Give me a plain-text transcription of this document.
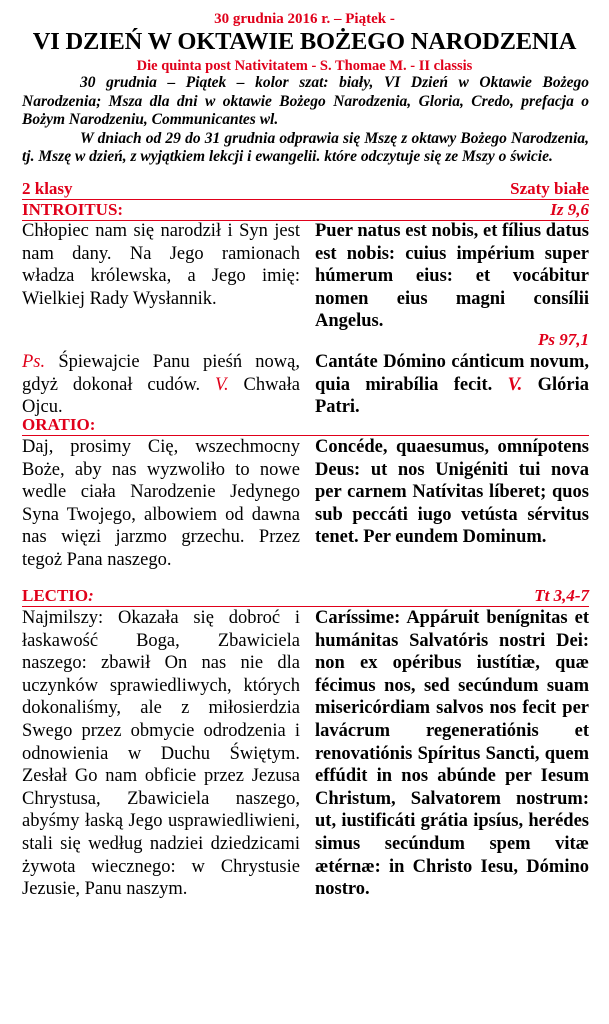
30 grudnia 2016 r. – Piątek -
VI DZIEŃ W OKTAWIE BOŻEGO NARODZENIA
Die quinta post Nativitatem - S. Thomae M. - II classis

30 grudnia – Piątek – kolor szat: biały, VI Dzień w Oktawie Bożego Narodzenia; Msza dla dni w oktawie Bożego Narodzenia, Gloria, Credo, prefacja o Bożym Narodzeniu, Communicantes wl.

W dniach od 29 do 31 grudnia odprawia się Mszę z oktawy Bożego Narodzenia, tj. Mszę w dzień, z wyjątkiem lekcji i ewangelii. które odczytuje się ze Mszy o świcie.

2 klasy	Szaty białe
INTROITUS:	Iz 9,6
Chłopiec nam się narodził i Syn jest nam dany. Na Jego ramionach władza królewska, a Jego imię: Wielkiej Rady Wysłannik.
Puer natus est nobis, et fílius datus est nobis: cuius impérium super húmerum eius: et vocábitur nomen eius magni consílii Angelus.
Ps 97,1
Ps. Śpiewajcie Panu pieśń nową, gdyż dokonał cudów. V. Chwała Ojcu.
Cantáte Dómino cánticum novum, quia mirabília fecit. V. Glória Patri.
ORATIO:
Daj, prosimy Cię, wszechmocny Boże, aby nas wyzwoliło to nowe wedle ciała Narodzenie Jedynego Syna Twojego, albowiem od dawna nas więzi jarzmo grzechu. Przez tegoż Pana naszego.
Concéde, quaesumus, omnípotens Deus: ut nos Unigéniti tui nova per carnem Natívitas líberet; quos sub peccáti iugo vetústa sérvitus tenet. Per eundem Dominum.
LECTIO:	Tt 3,4-7
Najmilszy: Okazała się dobroć i łaskawość Boga, Zbawiciela naszego: zbawił On nas nie dla uczynków sprawiedliwych, których dokonaliśmy, ale z miłosierdzia Swego przez obmycie odrodzenia i odnowienia w Duchu Świętym. Zesłał Go nam obficie przez Jezusa Chrystusa, Zbawiciela naszego, abyśmy łaską Jego usprawiedliwieni, stali się według nadziei dziedzicami żywota wiecznego: w Chrystusie Jezusie, Panu naszym.
Caríssime: Appáruit benígnitas et humánitas Salvatóris nostri Dei: non ex opéribus iustítiæ, quæ fécimus nos, sed secúndum suam misericórdiam salvos nos fecit per lavácrum regeneratiónis et renovatiónis Spíritus Sancti, quem effúdit in nos abúnde per Iesum Christum, Salvatorem nostrum: ut, iustificáti grátia ipsíus, herédes simus secúndum spem vitæ ætérnæ: in Christo Iesu, Dómino nostro.
